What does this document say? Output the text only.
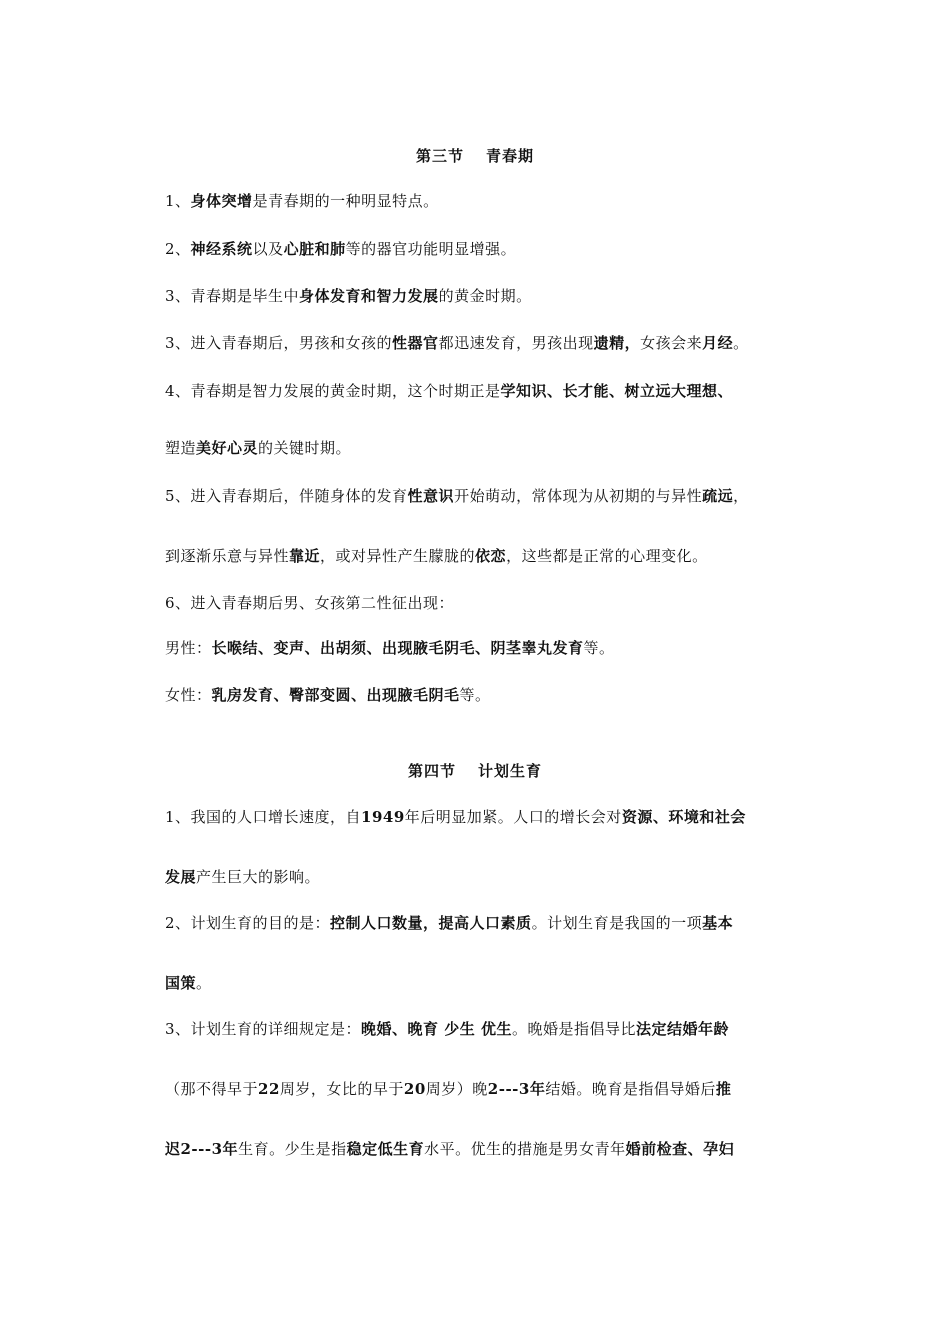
第三节 青春期
1、身体突增是青春期的一种明显特点。
2、神经系统以及心脏和肺等的器官功能明显增强。
3、青春期是毕生中身体发育和智力发展的黄金时期。
3、进入青春期后，男孩和女孩的性器官都迅速发育，男孩出现遗精，女孩会来月经。
4、青春期是智力发展的黄金时期，这个时期正是学知识、长才能、树立远大理想、
塑造美好心灵的关键时期。
5、进入青春期后，伴随身体的发育性意识开始萌动，常体现为从初期的与异性疏远，
到逐渐乐意与异性靠近，或对异性产生朦胧的依恋，这些都是正常的心理变化。
6、进入青春期后男、女孩第二性征出现：
男性：长喉结、变声、出胡须、出现腋毛阴毛、阴茎睾丸发育等。
女性：乳房发育、臀部变圆、出现腋毛阴毛等。
第四节 计划生育
1、我国的人口增长速度，自1949年后明显加紧。人口的增长会对资源、环境和社会
发展产生巨大的影响。
2、计划生育的目的是：控制人口数量，提高人口素质。计划生育是我国的一项基本
国策。
3、计划生育的详细规定是：晚婚、晚育 少生 优生。晚婚是指倡导比法定结婚年龄
（那不得早于22周岁，女比的早于20周岁）晚2---3年结婚。晚育是指倡导婚后推
迟2---3年生育。少生是指稳定低生育水平。优生的措施是男女青年婚前检查、孕妇
